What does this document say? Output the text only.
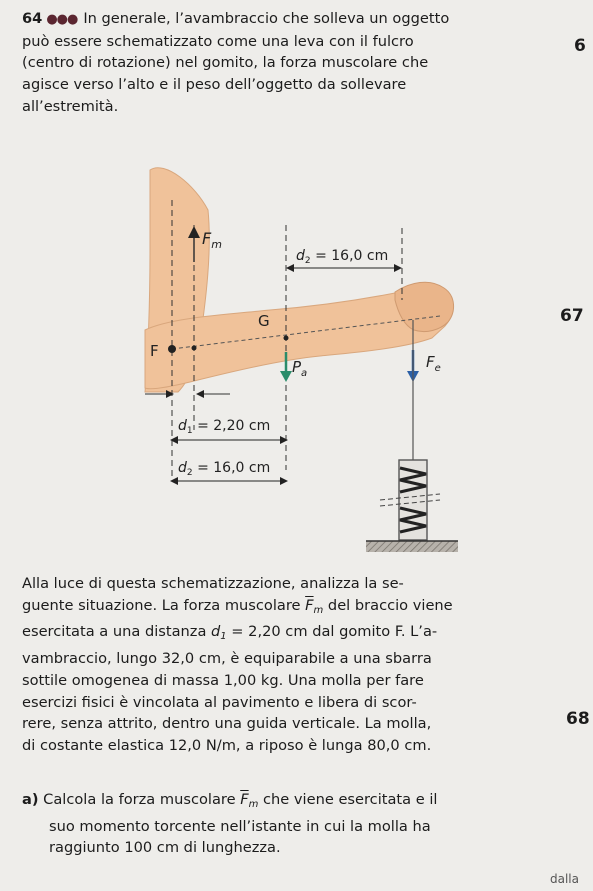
64 ●●● In generale, l’avambraccio che solleva un oggetto
può essere schematizzato come una leva con il fulcro
(centro di rotazione) nel gomito, la forza muscolare che
agisce verso l’alto e il peso dell’oggetto da sollevare
all’estremità.
6
67
68
$F_m$
$d_2 = 16,0$ cm
G
F
$P_a$
$F_e$
$d_1 = 2,20$ cm
$d_2 = 16,0$ cm
Alla luce di questa schematizzazione, analizza la se-
guente situazione. La forza muscolare $\overline{F}_m$ del braccio viene
esercitata a una distanza $d_1 = 2,20$ cm dal gomito F. L’a-
vambraccio, lungo 32,0 cm, è equiparabile a una sbarra
sottile omogenea di massa 1,00 kg. Una molla per fare
esercizi fisici è vincolata al pavimento e libera di scor-
rere, senza attrito, dentro una guida verticale. La molla,
di costante elastica 12,0 N/m, a riposo è lunga 80,0 cm.
a) Calcola la forza muscolare $\overline{F}_m$ che viene esercitata e il
suo momento torcente nell’istante in cui la molla ha
raggiunto 100 cm di lunghezza.
dalla
